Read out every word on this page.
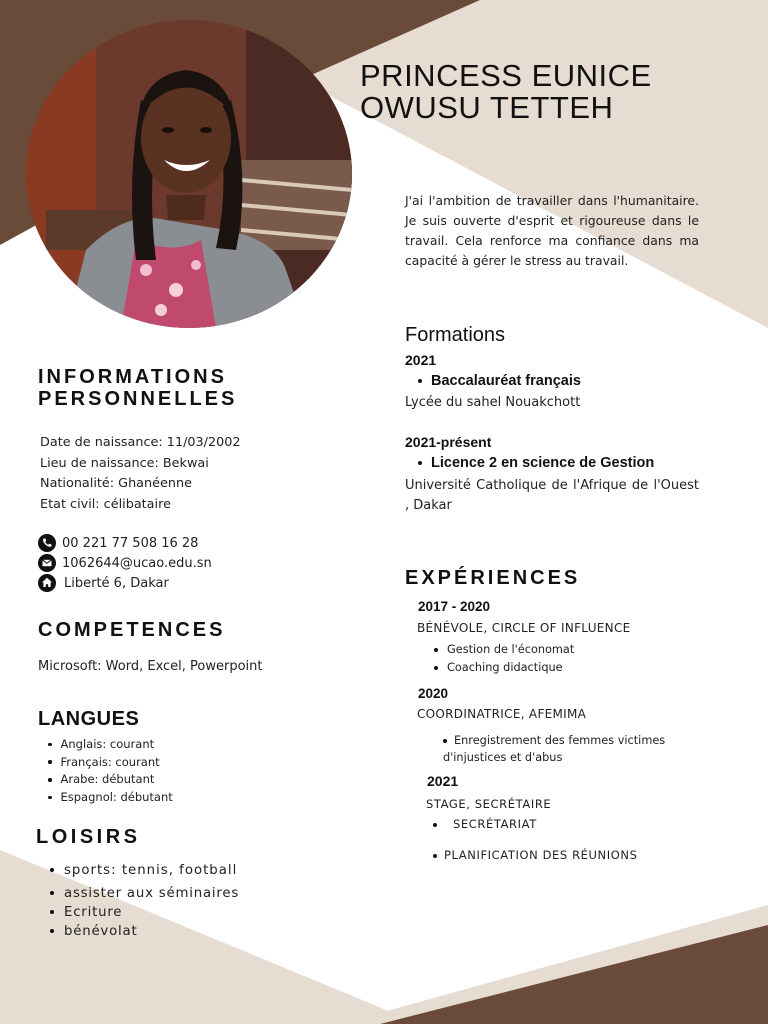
PRINCESS EUNICE
OWUSU TETTEH
J'ai l'ambition de travailler dans l'humanitaire. Je suis ouverte d'esprit et rigoureuse dans le travail. Cela renforce ma confiance dans ma capacité à gérer le stress au travail.
Formations
2021
Baccalauréat français
Lycée du sahel Nouakchott
2021-présent
Licence 2 en science de Gestion
Université Catholique de l'Afrique de l'Ouest , Dakar
INFORMATIONS
PERSONNELLES
Date de naissance: 11/03/2002
Lieu de naissance: Bekwai
Nationalité: Ghanéenne
Etat civil: célibataire
00 221 77 508 16 28
1062644@ucao.edu.sn
Liberté 6, Dakar
COMPETENCES
Microsoft: Word, Excel, Powerpoint
LANGUES
Anglais: courant
Français: courant
Arabe: débutant
Espagnol: débutant
LOISIRS
sports: tennis, football
assister aux séminaires
Ecriture
bénévolat
EXPÉRIENCES
2017 - 2020
BÉNÉVOLE, CIRCLE OF INFLUENCE
Gestion de l'économat
Coaching didactique
2020
COORDINATRICE, AFEMIMA
Enregistrement des femmes victimes d'injustices et d'abus
2021
STAGE, SECRÉTAIRE
SECRÉTARIAT
PLANIFICATION DES RÉUNIONS
